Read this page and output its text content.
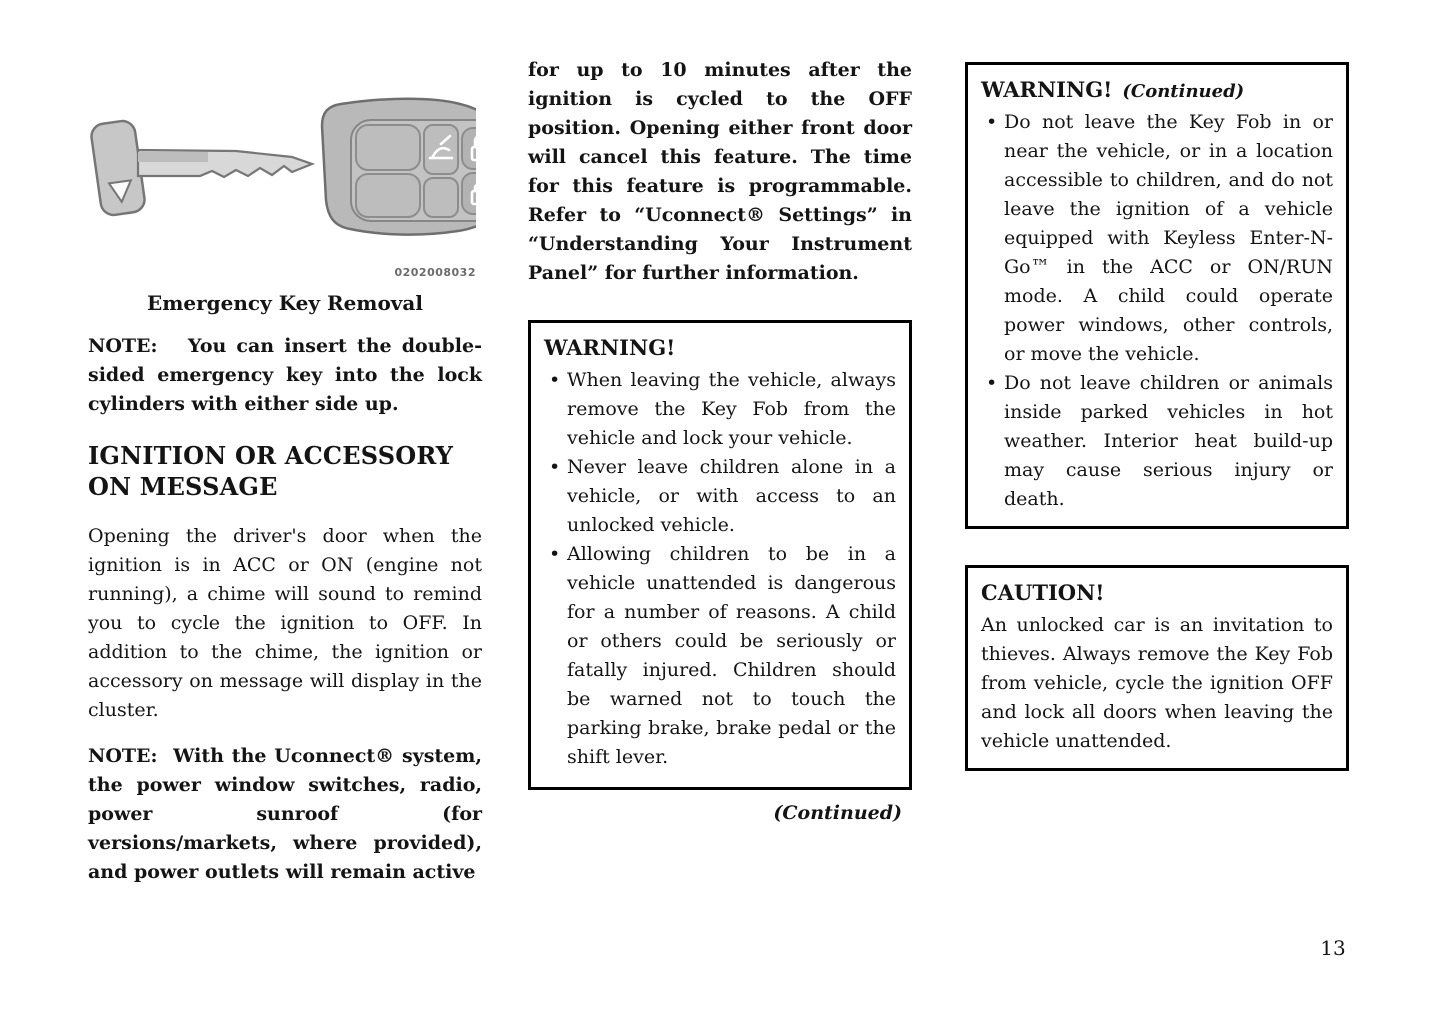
0202008032
Emergency Key Removal

NOTE:   You can insert the double-sided emergency key into the lock cylinders with either side up.

IGNITION OR ACCESSORY ON MESSAGE

Opening the driver's door when the ignition is in ACC or ON (engine not running), a chime will sound to remind you to cycle the ignition to OFF. In addition to the chime, the ignition or accessory on message will display in the cluster.

NOTE:  With the Uconnect® system, the power window switches, radio, power sunroof (for versions/markets, where provided), and power outlets will remain active

for up to 10 minutes after the ignition is cycled to the OFF position. Opening either front door will cancel this feature. The time for this feature is programmable. Refer to “Uconnect® Settings” in “Understanding Your Instrument Panel” for further information.

WARNING!
• When leaving the vehicle, always remove the Key Fob from the vehicle and lock your vehicle.
• Never leave children alone in a vehicle, or with access to an unlocked vehicle.
• Allowing children to be in a vehicle unattended is dangerous for a number of reasons. A child or others could be seriously or fatally injured. Children should be warned not to touch the parking brake, brake pedal or the shift lever.
(Continued)
WARNING! (Continued)
• Do not leave the Key Fob in or near the vehicle, or in a location accessible to children, and do not leave the ignition of a vehicle equipped with Keyless Enter-N-Go™ in the ACC or ON/RUN mode. A child could operate power windows, other controls, or move the vehicle.
• Do not leave children or animals inside parked vehicles in hot weather. Interior heat build-up may cause serious injury or death.
CAUTION!

An unlocked car is an invitation to thieves. Always remove the Key Fob from vehicle, cycle the ignition OFF and lock all doors when leaving the vehicle unattended.

13
